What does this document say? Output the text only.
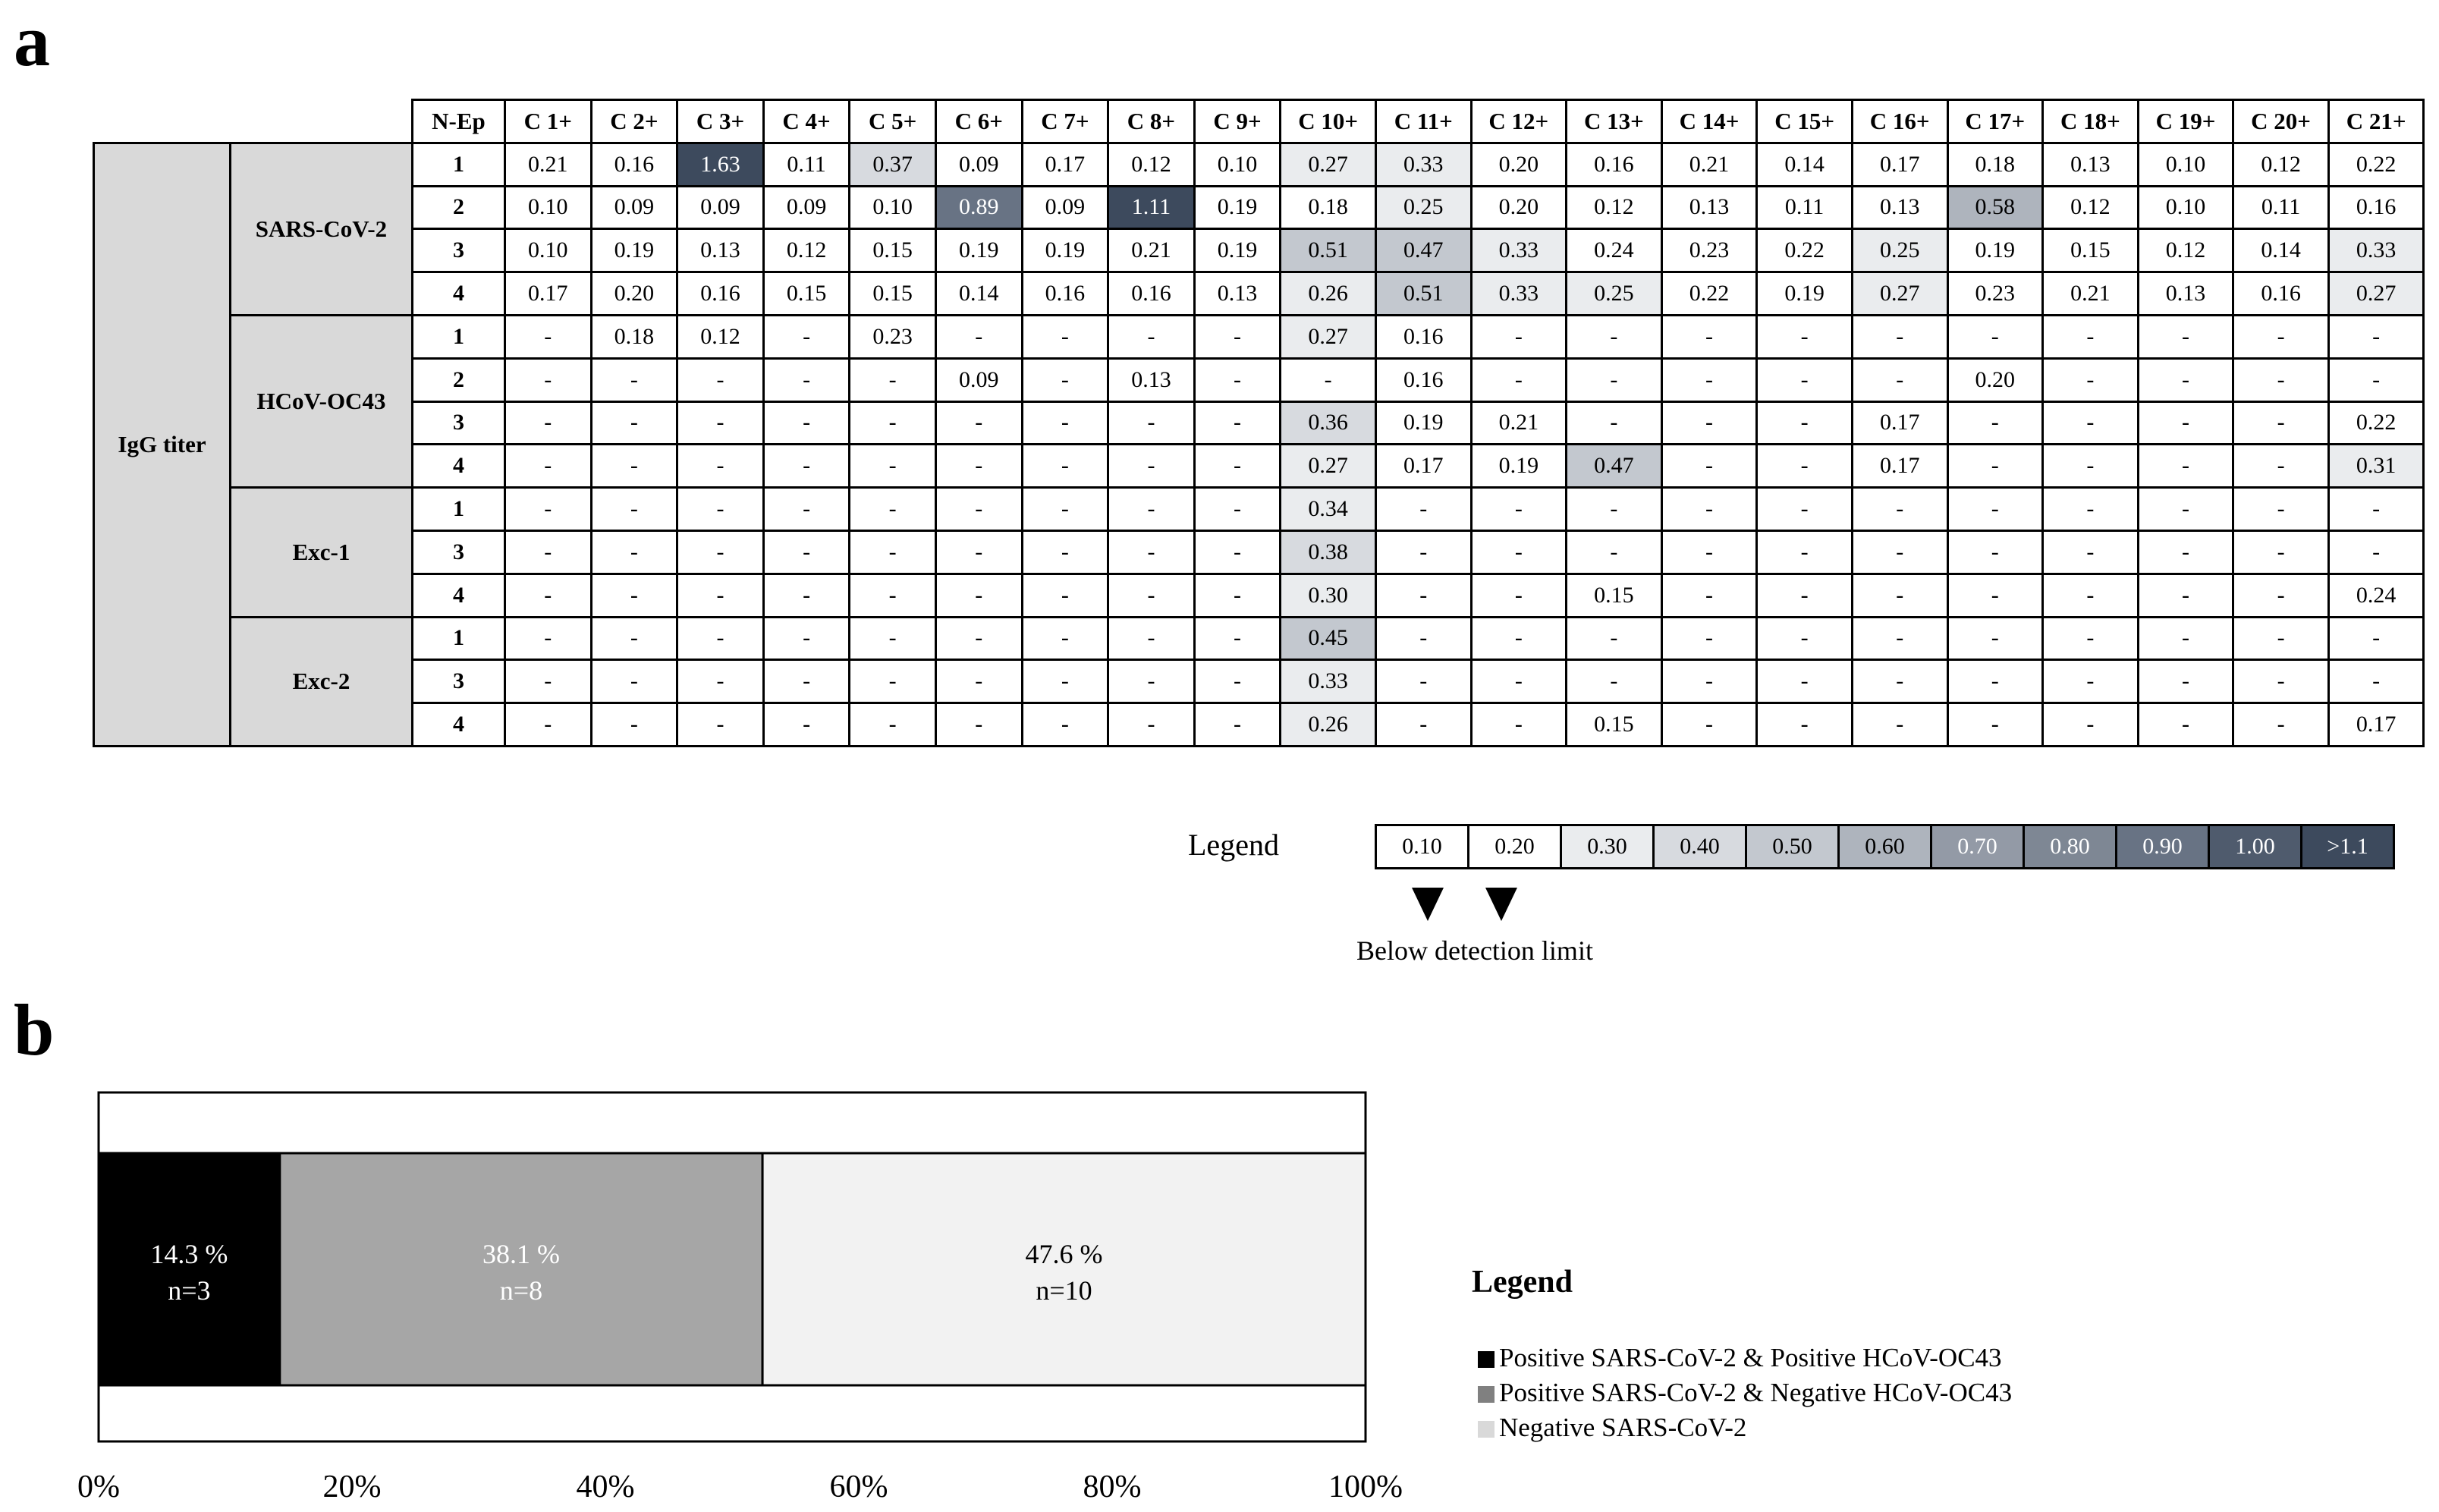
a
b
		N-Ep	C 1+	C 2+	C 3+	C 4+	C 5+	C 6+	C 7+	C 8+	C 9+	C 10+	C 11+	C 12+	C 13+	C 14+	C 15+	C 16+	C 17+	C 18+	C 19+	C 20+	C 21+
IgG titer	SARS-CoV-2	1	0.21	0.16	1.63	0.11	0.37	0.09	0.17	0.12	0.10	0.27	0.33	0.20	0.16	0.21	0.14	0.17	0.18	0.13	0.10	0.12	0.22
		2	0.10	0.09	0.09	0.09	0.10	0.89	0.09	1.11	0.19	0.18	0.25	0.20	0.12	0.13	0.11	0.13	0.58	0.12	0.10	0.11	0.16
		3	0.10	0.19	0.13	0.12	0.15	0.19	0.19	0.21	0.19	0.51	0.47	0.33	0.24	0.23	0.22	0.25	0.19	0.15	0.12	0.14	0.33
		4	0.17	0.20	0.16	0.15	0.15	0.14	0.16	0.16	0.13	0.26	0.51	0.33	0.25	0.22	0.19	0.27	0.23	0.21	0.13	0.16	0.27
	HCoV-OC43	1	-	0.18	0.12	-	0.23	-	-	-	-	0.27	0.16	-	-	-	-	-	-	-	-	-	-
		2	-	-	-	-	-	0.09	-	0.13	-	-	0.16	-	-	-	-	-	0.20	-	-	-	-
		3	-	-	-	-	-	-	-	-	-	0.36	0.19	0.21	-	-	-	0.17	-	-	-	-	0.22
		4	-	-	-	-	-	-	-	-	-	0.27	0.17	0.19	0.47	-	-	0.17	-	-	-	-	0.31
	Exc-1	1	-	-	-	-	-	-	-	-	-	0.34	-	-	-	-	-	-	-	-	-	-	-
		3	-	-	-	-	-	-	-	-	-	0.38	-	-	-	-	-	-	-	-	-	-	-
		4	-	-	-	-	-	-	-	-	-	0.30	-	-	0.15	-	-	-	-	-	-	-	0.24
	Exc-2	1	-	-	-	-	-	-	-	-	-	0.45	-	-	-	-	-	-	-	-	-	-	-
		3	-	-	-	-	-	-	-	-	-	0.33	-	-	-	-	-	-	-	-	-	-	-
		4	-	-	-	-	-	-	-	-	-	0.26	-	-	0.15	-	-	-	-	-	-	-	0.17
Legend	0.10	0.20	0.30	0.40	0.50	0.60	0.70	0.80	0.90	1.00	>1.1
Below detection limit
14.3 %
n=3
38.1 %
n=8
47.6 %
n=10
0%	20%	40%	60%	80%	100%
Legend
Positive SARS-CoV-2 & Positive HCoV-OC43
Positive SARS-CoV-2 & Negative HCoV-OC43
Negative SARS-CoV-2
